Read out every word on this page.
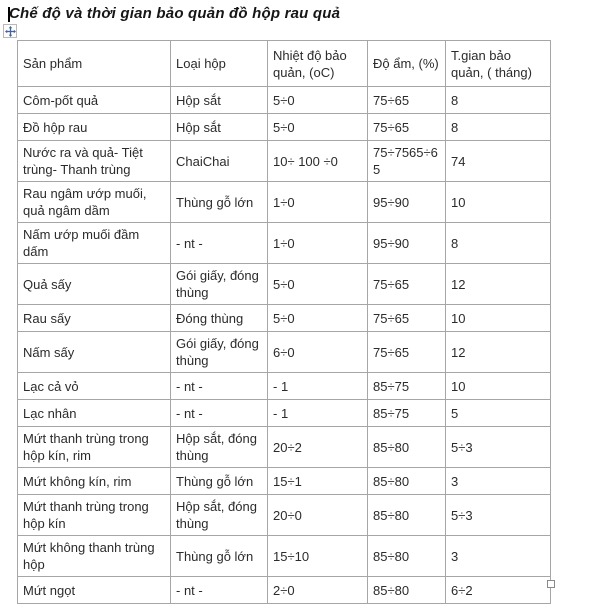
Chế độ và thời gian bảo quản đồ hộp rau quả
Sản phẩm	Loại hộp	Nhiệt độ bảo quản, (oC)	Độ ẩm, (%)	T.gian bảo quản, ( tháng)
Côm-pốt quả	Hộp sắt	5÷0	75÷65	8
Đồ hộp rau	Hộp sắt	5÷0	75÷65	8
Nước ra và quả- Tiệt trùng- Thanh trùng	ChaiChai	10÷ 100 ÷0	75÷7565÷65	74
Rau ngâm ướp muối, quả ngâm dầm	Thùng gỗ lớn	1÷0	95÷90	10
Nấm ướp muối đầm dấm	- nt -	1÷0	95÷90	8
Quả sấy	Gói giấy, đóng thùng	5÷0	75÷65	12
Rau sấy	Đóng thùng	5÷0	75÷65	10
Nấm sấy	Gói giấy, đóng thùng	6÷0	75÷65	12
Lạc cả vỏ	- nt -	- 1	85÷75	10
Lạc nhân	- nt -	- 1	85÷75	5
Mứt thanh trùng trong hộp kín, rim	Hộp sắt, đóng thùng	20÷2	85÷80	5÷3
Mứt không kín, rim	Thùng gỗ lớn	15÷1	85÷80	3
Mứt thanh trùng trong hộp kín	Hộp sắt, đóng thùng	20÷0	85÷80	5÷3
Mứt không thanh trùng hộp	Thùng gỗ lớn	15÷10	85÷80	3
Mứt ngọt	- nt -	2÷0	85÷80	6÷2
